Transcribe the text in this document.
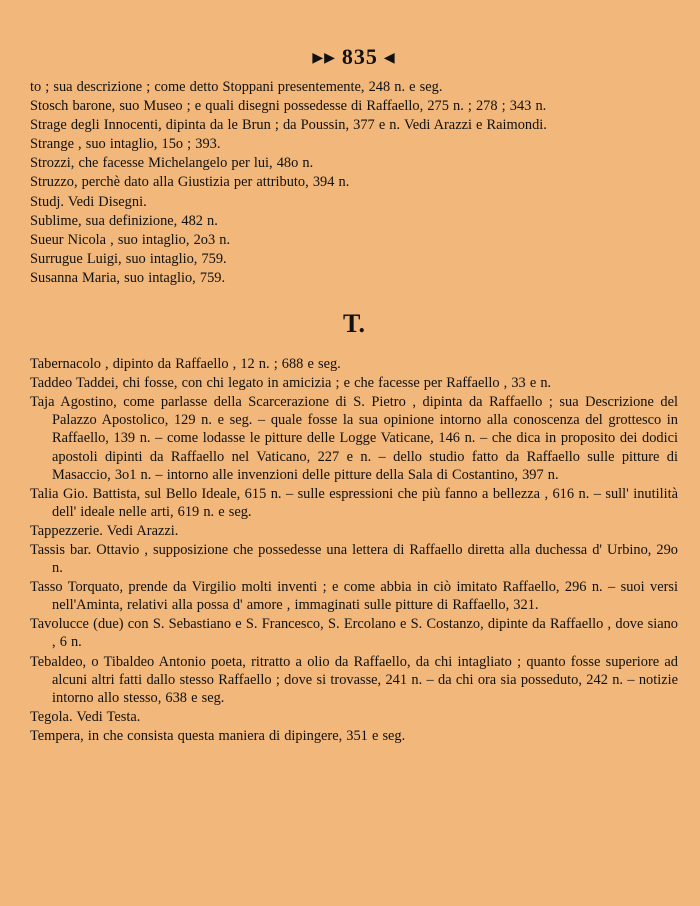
▶▶ 835 ◀
to ; sua descrizione ; come detto Stoppani presentemente, 248 n. e seg.
Stosch barone, suo Museo ; e quali disegni possedesse di Raffaello, 275 n. ; 278 ; 343 n.
Strage degli Innocenti, dipinta da le Brun ; da Poussin, 377 e n. Vedi Arazzi e Raimondi.
Strange , suo intaglio, 15o ; 393.
Strozzi, che facesse Michelangelo per lui, 48o n.
Struzzo, perchè dato alla Giustizia per attributo, 394 n.
Studj. Vedi Disegni.
Sublime, sua definizione, 482 n.
Sueur Nicola , suo intaglio, 2o3 n.
Surrugue Luigi, suo intaglio, 759.
Susanna Maria, suo intaglio, 759.
T.
Tabernacolo , dipinto da Raffaello , 12 n. ; 688 e seg.
Taddeo Taddei, chi fosse, con chi legato in amicizia ; e che facesse per Raffaello , 33 e n.
Taja Agostino, come parlasse della Scarcerazione di S. Pietro , dipinta da Raffaello ; sua Descrizione del Palazzo Apostolico, 129 n. e seg. – quale fosse la sua opinione intorno alla conoscenza del grottesco in Raffaello, 139 n. – come lodasse le pitture delle Logge Vaticane, 146 n. – che dica in proposito dei dodici apostoli dipinti da Raffaello nel Vaticano, 227 e n. – dello studio fatto da Raffaello sulle pitture di Masaccio, 3o1 n. – intorno alle invenzioni delle pitture della Sala di Costantino, 397 n.
Talia Gio. Battista, sul Bello Ideale, 615 n. – sulle espressioni che più fanno a bellezza , 616 n. – sull' inutilità dell' ideale nelle arti, 619 n. e seg.
Tappezzerie. Vedi Arazzi.
Tassis bar. Ottavio , supposizione che possedesse una lettera di Raffaello diretta alla duchessa d' Urbino, 29o n.
Tasso Torquato, prende da Virgilio molti inventi ; e come abbia in ciò imitato Raffaello, 296 n. – suoi versi nell'Aminta, relativi alla possa d' amore , immaginati sulle pitture di Raffaello, 321.
Tavolucce (due) con S. Sebastiano e S. Francesco, S. Ercolano e S. Costanzo, dipinte da Raffaello , dove siano , 6 n.
Tebaldeo, o Tibaldeo Antonio poeta, ritratto a olio da Raffaello, da chi intagliato ; quanto fosse superiore ad alcuni altri fatti dallo stesso Raffaello ; dove si trovasse, 241 n. – da chi ora sia posseduto, 242 n. – notizie intorno allo stesso, 638 e seg.
Tegola. Vedi Testa.
Tempera, in che consista questa maniera di dipingere, 351 e seg.
